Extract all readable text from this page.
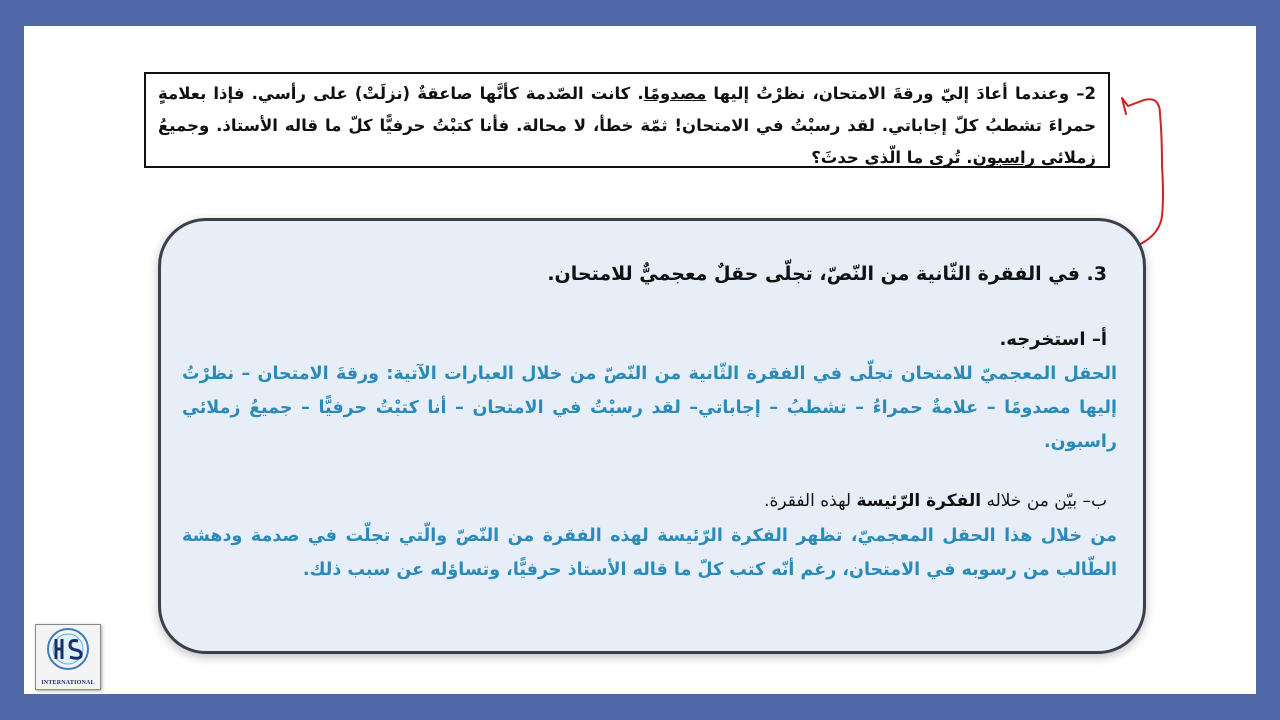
2– وعندما أعادَ إليّ ورقةَ الامتحان، نظرْتُ إليها مصدومًا. كانت الصّدمة كأنَّها صاعقةٌ (نزلَتْ) على رأسي. فإذا بعلامةٍ حمراءَ تشطبُ كلّ إجاباتي. لقد رسبْتُ في الامتحان! ثمّة خطأ، لا محالة. فأنا كتبْتُ حرفيًّا كلّ ما قاله الأستاذ. وجميعُ زملائي راسبون. تُرى ما الّذي حدثَ؟
3. في الفقرة الثّانية من النّصّ، تجلّى حقلٌ معجميٌّ للامتحان.
أ– استخرجه.
الحقل المعجميّ للامتحان تجلّى في الفقرة الثّانية من النّصّ من خلال العبارات الآتية: ورقةَ الامتحان – نظرْتُ إليها مصدومًا – علامةٌ حمراءُ – تشطبُ – إجاباتي– لقد رسبْتُ في الامتحان – أنا كتبْتُ حرفيًّا – جميعُ زملائي راسبون.
ب– بيّن من خلاله الفكرة الرّئيسة لهذه الفقرة.
من خلال هذا الحقل المعجميّ، تظهر الفكرة الرّئيسة لهذه الفقرة من النّصّ والّتي تجلّت في صدمة ودهشة الطّالب من رسوبه في الامتحان، رغم أنّه كتب كلّ ما قاله الأستاذ حرفيًّا، وتساؤله عن سبب ذلك.
INTERNATIONAL
